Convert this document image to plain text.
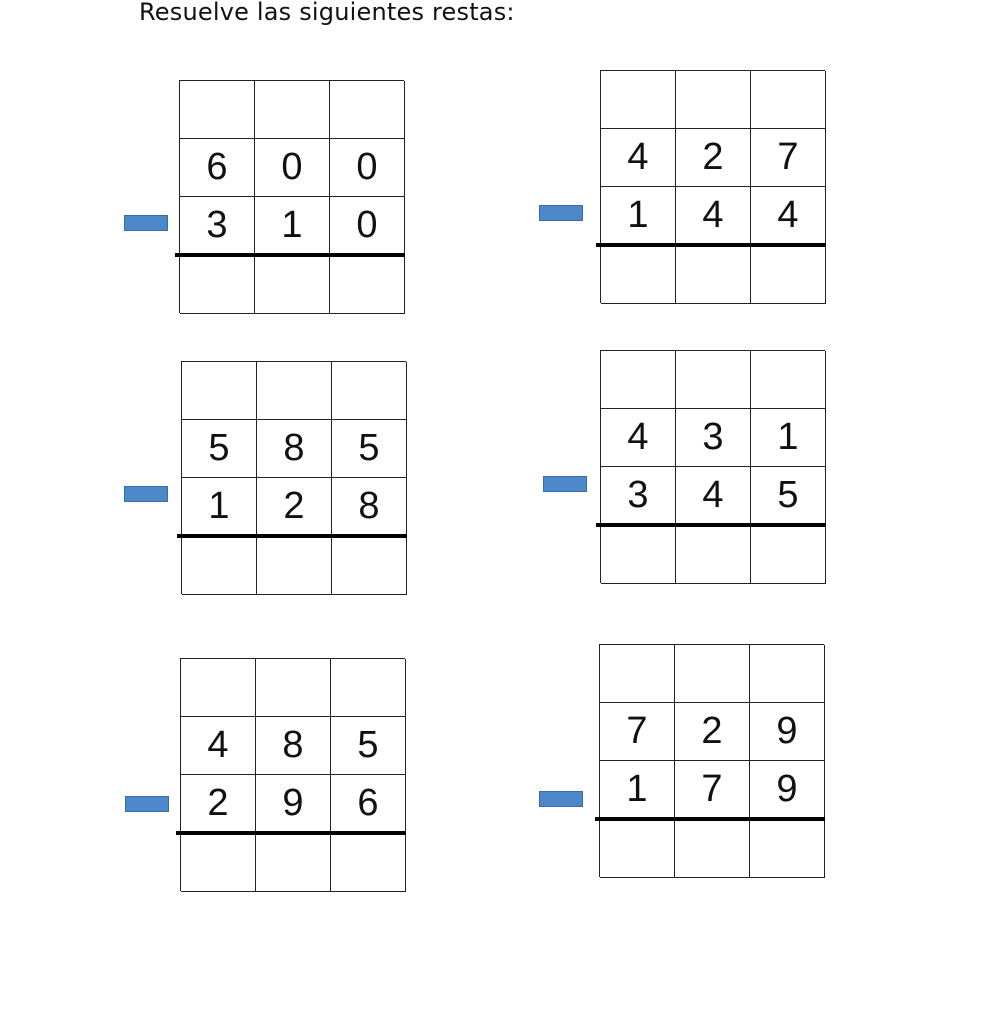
Resuelve las siguientes restas:
6	0	0
3	1	0
4	2	7
1	4	4
5	8	5
1	2	8
4	3	1
3	4	5
4	8	5
2	9	6
7	2	9
1	7	9
